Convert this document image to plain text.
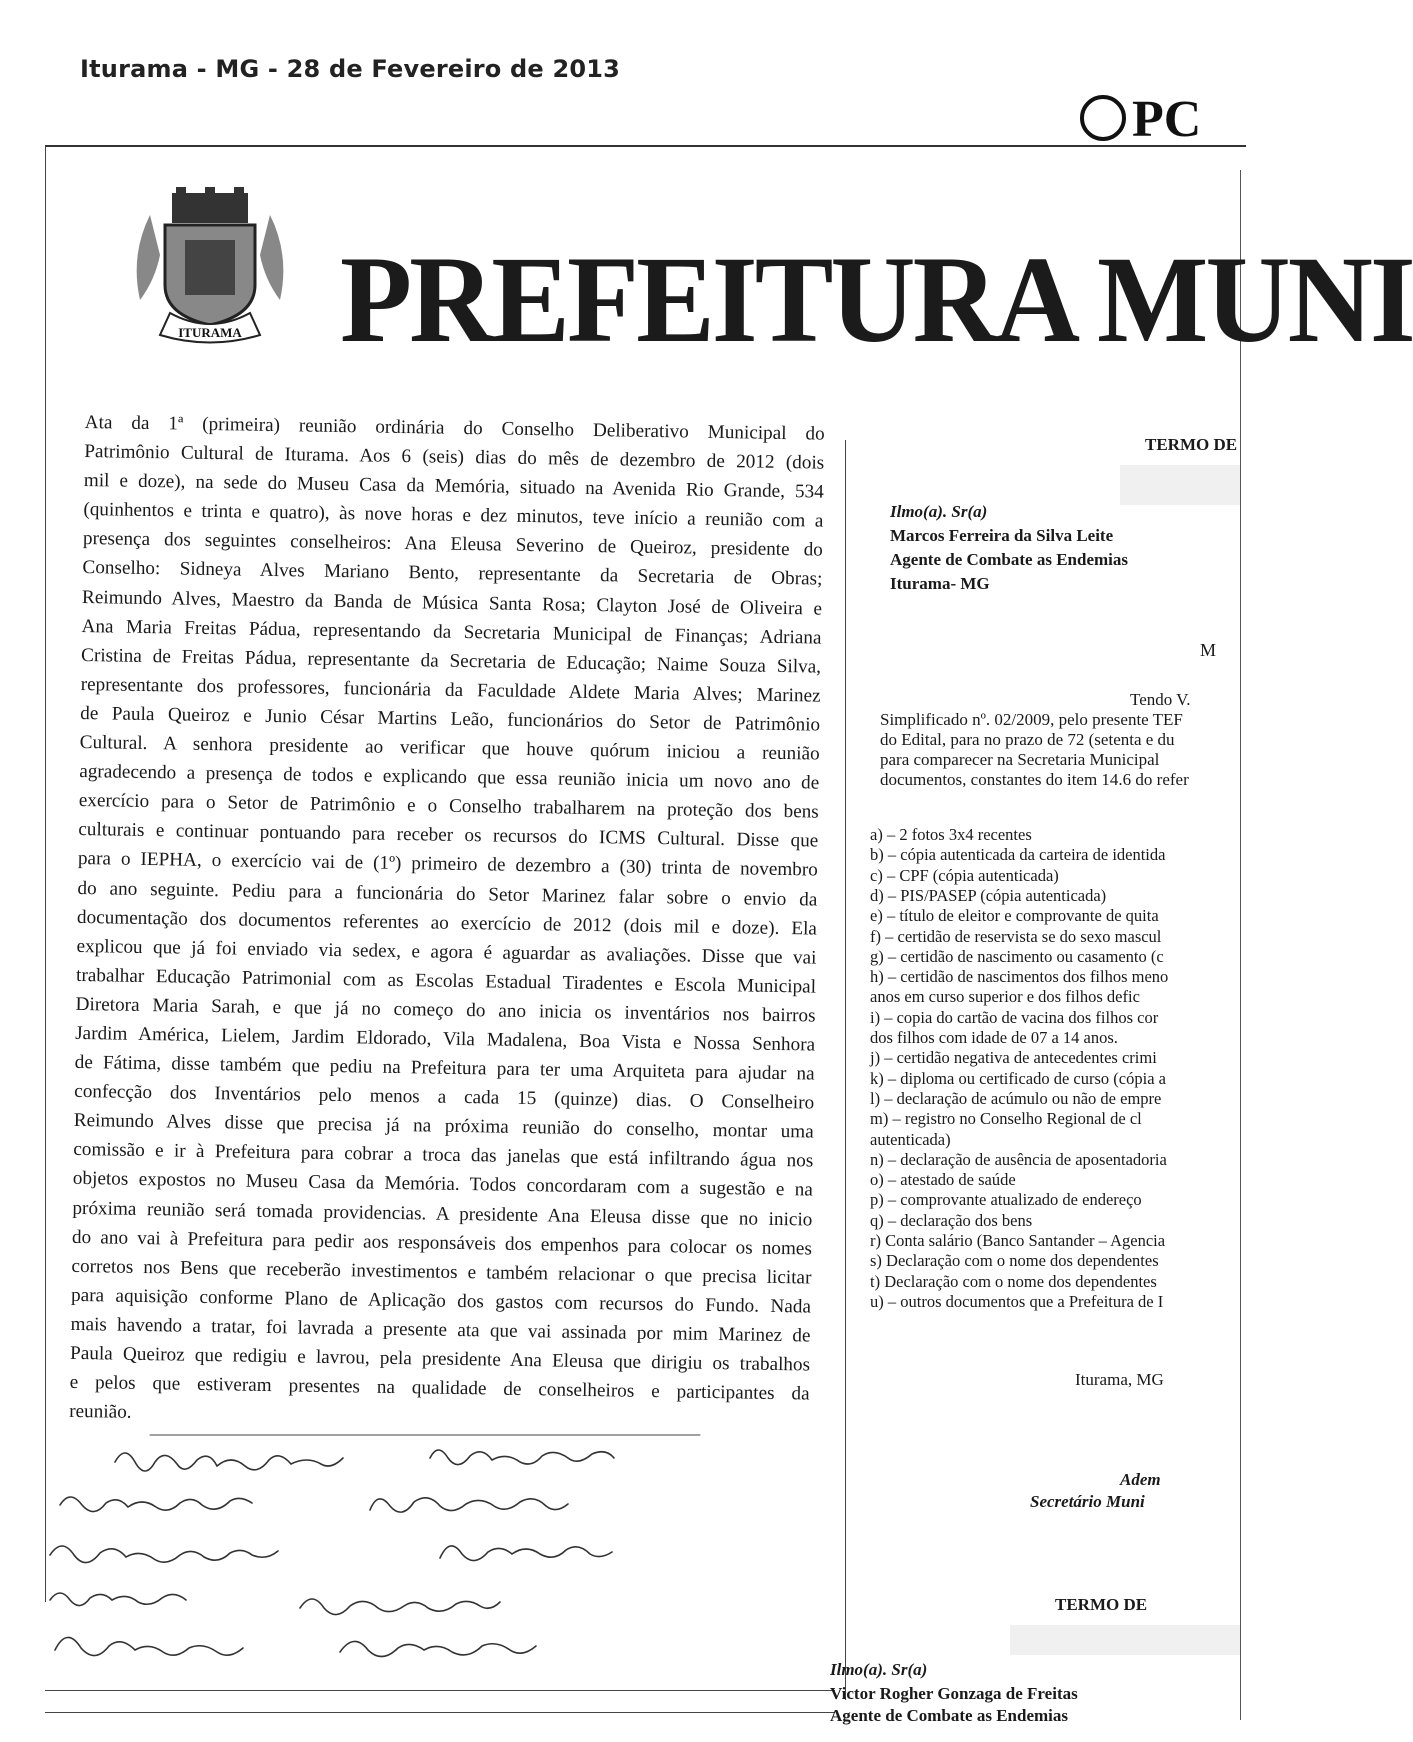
Iturama - MG - 28 de Fevereiro de 2013
PC
ITURAMA PREFEITURA MUNI
Ata da 1ª (primeira) reunião ordinária do Conselho Deliberativo Municipal do
Patrimônio Cultural de Iturama. Aos 6 (seis) dias do mês de dezembro de 2012 (dois
mil e doze), na sede do Museu Casa da Memória, situado na Avenida Rio Grande, 534
(quinhentos e trinta e quatro), às nove horas e dez minutos, teve início a reunião com a
presença dos seguintes conselheiros: Ana Eleusa Severino de Queiroz, presidente do
Conselho: Sidneya Alves Mariano Bento, representante da Secretaria de Obras;
Reimundo Alves, Maestro da Banda de Música Santa Rosa; Clayton José de Oliveira e
Ana Maria Freitas Pádua, representando da Secretaria Municipal de Finanças; Adriana
Cristina de Freitas Pádua, representante da Secretaria de Educação; Naime Souza Silva,
representante dos professores, funcionária da Faculdade Aldete Maria Alves; Marinez
de Paula Queiroz e Junio César Martins Leão, funcionários do Setor de Patrimônio
Cultural. A senhora presidente ao verificar que houve quórum iniciou a reunião
agradecendo a presença de todos e explicando que essa reunião inicia um novo ano de
exercício para o Setor de Patrimônio e o Conselho trabalharem na proteção dos bens
culturais e continuar pontuando para receber os recursos do ICMS Cultural. Disse que
para o IEPHA, o exercício vai de (1º) primeiro de dezembro a (30) trinta de novembro
do ano seguinte. Pediu para a funcionária do Setor Marinez falar sobre o envio da
documentação dos documentos referentes ao exercício de 2012 (dois mil e doze). Ela
explicou que já foi enviado via sedex, e agora é aguardar as avaliações. Disse que vai
trabalhar Educação Patrimonial com as Escolas Estadual Tiradentes e Escola Municipal
Diretora Maria Sarah, e que já no começo do ano inicia os inventários nos bairros
Jardim América, Lielem, Jardim Eldorado, Vila Madalena, Boa Vista e Nossa Senhora
de Fátima, disse também que pediu na Prefeitura para ter uma Arquiteta para ajudar na
confecção dos Inventários pelo menos a cada 15 (quinze) dias. O Conselheiro
Reimundo Alves disse que precisa já na próxima reunião do conselho, montar uma
comissão e ir à Prefeitura para cobrar a troca das janelas que está infiltrando água nos
objetos expostos no Museu Casa da Memória. Todos concordaram com a sugestão e na
próxima reunião será tomada providencias. A presidente Ana Eleusa disse que no inicio
do ano vai à Prefeitura para pedir aos responsáveis dos empenhos para colocar os nomes
corretos nos Bens que receberão investimentos e também relacionar o que precisa licitar
para aquisição conforme Plano de Aplicação dos gastos com recursos do Fundo. Nada
mais havendo a tratar, foi lavrada a presente ata que vai assinada por mim Marinez de
Paula Queiroz que redigiu e lavrou, pela presidente Ana Eleusa que dirigiu os trabalhos
e pelos que estiveram presentes na qualidade de conselheiros e participantes da
reunião.
TERMO DE
Ilmo(a). Sr(a)
Marcos Ferreira da Silva Leite
Agente de Combate as Endemias
Iturama- MG
M
Tendo V.
Simplificado nº. 02/2009, pelo presente TEF
do Edital, para no prazo de 72 (setenta e du
para comparecer na Secretaria Municipal
documentos, constantes do item 14.6 do refer
a) – 2 fotos 3x4 recentes
b) – cópia autenticada da carteira de identida
c) – CPF (cópia autenticada)
d) – PIS/PASEP (cópia autenticada)
e) – título de eleitor e comprovante de quita
f) – certidão de reservista se do sexo mascul
g) – certidão de nascimento ou casamento (c
h) – certidão de nascimentos dos filhos meno
anos em curso superior e dos filhos defic
i) – copia do cartão de vacina dos filhos cor
dos filhos com idade de 07 a 14 anos.
j) – certidão negativa de antecedentes crimi
k) – diploma ou certificado de curso (cópia a
l) – declaração de acúmulo ou não de empre
m) – registro no Conselho Regional de cl
autenticada)
n) – declaração de ausência de aposentadoria
o) – atestado de saúde
p) – comprovante atualizado de endereço
q) – declaração dos bens
r) Conta salário (Banco Santander – Agencia
s) Declaração com o nome dos dependentes
t) Declaração com o nome dos dependentes
u) – outros documentos que a Prefeitura de I
Iturama, MG
Adem
Secretário Muni
TERMO DE
Ilmo(a). Sr(a)
Victor Rogher Gonzaga de Freitas
Agente de Combate as Endemias
